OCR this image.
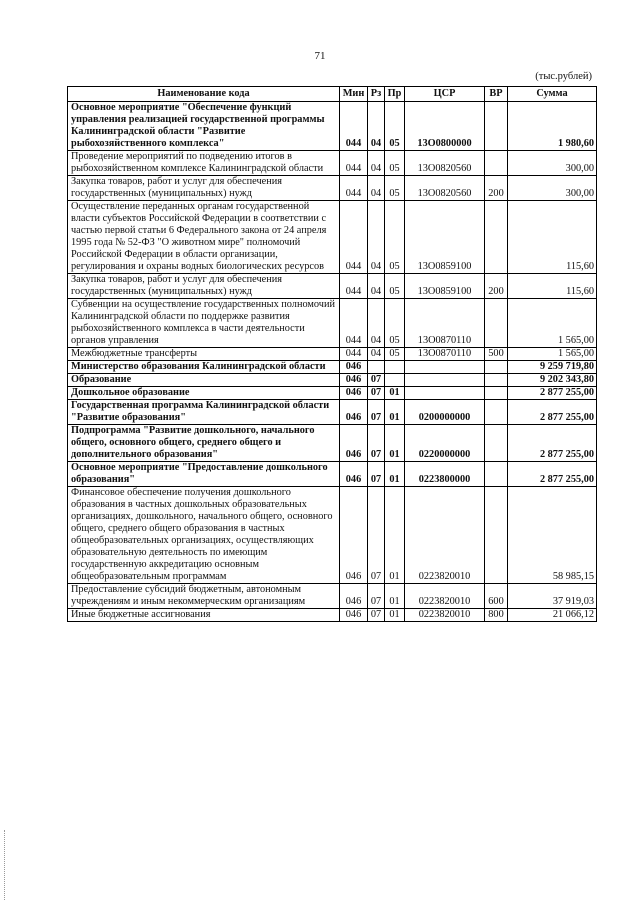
71
(тыс.рублей)
Наименование кода	Мин	Рз	Пр	ЦСР	ВР	Сумма
Основное мероприятие "Обеспечение функций управления реализацией государственной программы Калининградской области "Развитие рыбохозяйственного комплекса"	044	04	05	13О0800000		1 980,60
Проведение мероприятий по подведению итогов в рыбохозяйственном комплексе Калининградской области	044	04	05	13О0820560		300,00
Закупка товаров, работ и услуг для обеспечения государственных (муниципальных) нужд	044	04	05	13О0820560	200	300,00
Осуществление переданных органам государственной власти субъектов Российской Федерации в соответствии с частью первой статьи 6 Федерального закона от 24 апреля 1995 года № 52-ФЗ "О животном мире" полномочий Российской Федерации в области организации, регулирования и охраны водных биологических ресурсов	044	04	05	13О0859100		115,60
Закупка товаров, работ и услуг для обеспечения государственных (муниципальных) нужд	044	04	05	13О0859100	200	115,60
Субвенции на осуществление государственных полномочий Калининградской области по поддержке развития рыбохозяйственного комплекса в части деятельности органов управления	044	04	05	13О0870110		1 565,00
Межбюджетные трансферты	044	04	05	13О0870110	500	1 565,00
Министерство образования Калининградской области	046					9 259 719,80
Образование	046	07				9 202 343,80
Дошкольное образование	046	07	01			2 877 255,00
Государственная программа Калининградской области "Развитие образования"	046	07	01	0200000000		2 877 255,00
Подпрограмма "Развитие дошкольного, начального общего, основного общего, среднего общего и дополнительного образования"	046	07	01	0220000000		2 877 255,00
Основное мероприятие "Предоставление дошкольного образования"	046	07	01	0223800000		2 877 255,00
Финансовое обеспечение получения дошкольного образования в частных дошкольных образовательных организациях, дошкольного, начального общего, основного общего, среднего общего образования в частных общеобразовательных организациях, осуществляющих образовательную деятельность по имеющим государственную аккредитацию основным общеобразовательным программам	046	07	01	0223820010		58 985,15
Предоставление субсидий бюджетным, автономным учреждениям и иным некоммерческим организациям	046	07	01	0223820010	600	37 919,03
Иные бюджетные ассигнования	046	07	01	0223820010	800	21 066,12
